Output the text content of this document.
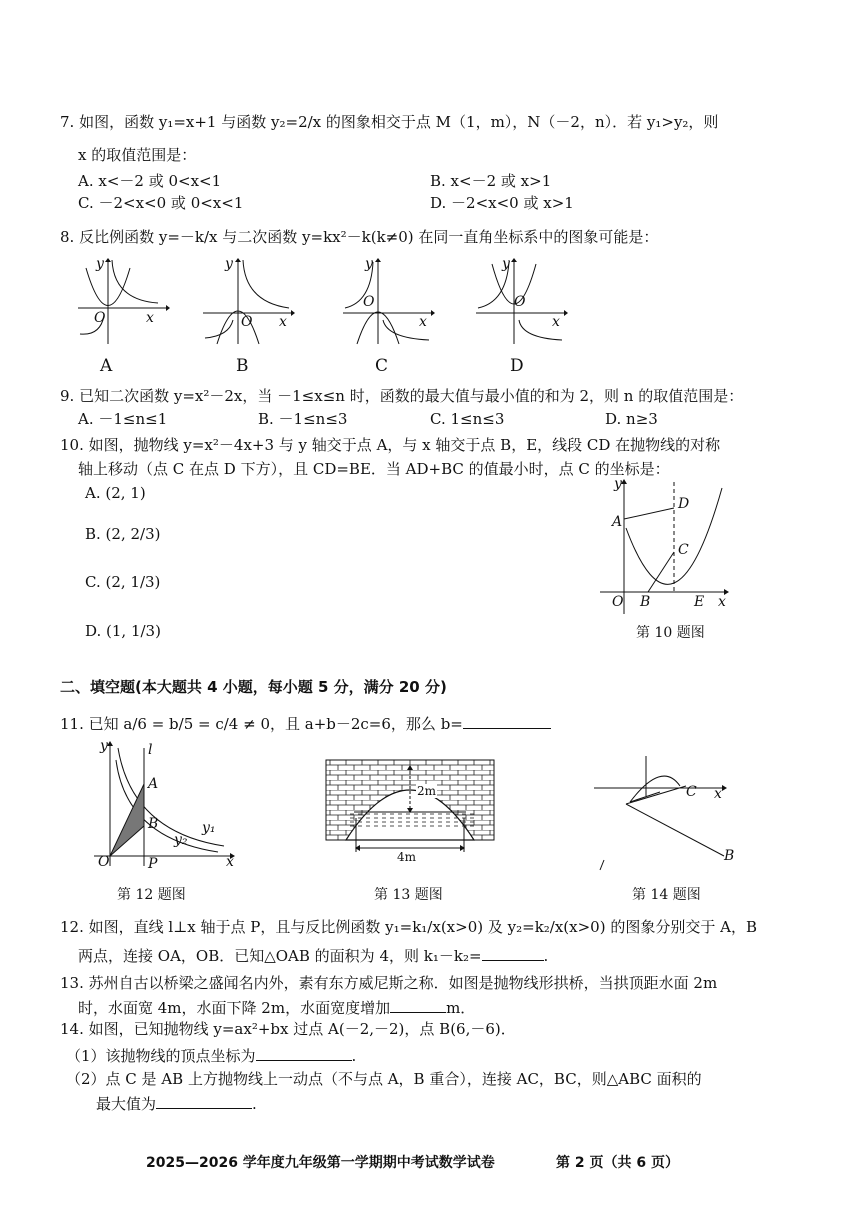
7. 如图，函数 y₁=x+1 与函数 y₂=2/x 的图象相交于点 M（1，m），N（－2，n）．若 y₁>y₂，则
x 的取值范围是：
A. x<－2 或 0<x<1	B. x<－2 或 x>1
C. －2<x<0 或 0<x<1	D. －2<x<0 或 x>1
8. 反比例函数 y=－k/x 与二次函数 y=kx²－k(k≠0) 在同一直角坐标系中的图象可能是：
y
O	x
y
O x
y
O
x
y
O
x
A	B	C	D
9. 已知二次函数 y=x²－2x，当 －1≤x≤n 时，函数的最大值与最小值的和为 2，则 n 的取值范围是：
A. －1≤n≤1	B. －1≤n≤3	C. 1≤n≤3	D. n≥3
10. 如图，抛物线 y=x²－4x+3 与 y 轴交于点 A，与 x 轴交于点 B，E，线段 CD 在抛物线的对称
轴上移动（点 C 在点 D 下方），且 CD=BE．当 AD+BC 的值最小时，点 C 的坐标是：
A. (2, 1)
B. (2, 2/3)
C. (2, 1/3)
D. (1, 1/3)
y
O B	E x
A
D
C
第 10 题图
二、填空题(本大题共 4 小题，每小题 5 分，满分 20 分)
11. 已知 a/6 = b/5 = c/4 ≠ 0，且 a+b－2c=6，那么 b=
y	l
A
B
P
O
y₁
y₂
x
第 12 题图
2m
4m
第 13 题图
C x
B
第 14 题图
12. 如图，直线 l⊥x 轴于点 P，且与反比例函数 y₁=k₁/x(x>0) 及 y₂=k₂/x(x>0) 的图象分别交于 A，B
两点，连接 OA，OB．已知△OAB 的面积为 4，则 k₁－k₂=	.
13. 苏州自古以桥梁之盛闻名内外，素有东方威尼斯之称．如图是抛物线形拱桥，当拱顶距水面 2m
时，水面宽 4m，水面下降 2m，水面宽度增加	m．
14. 如图，已知抛物线 y=ax²+bx 过点 A(－2,－2)，点 B(6,－6)．
（1）该抛物线的顶点坐标为	.
（2）点 C 是 AB 上方抛物线上一动点（不与点 A，B 重合），连接 AC，BC，则△ABC 面积的
最大值为	.
2025—2026 学年度九年级第一学期期中考试数学试卷	第 2 页（共 6 页）
